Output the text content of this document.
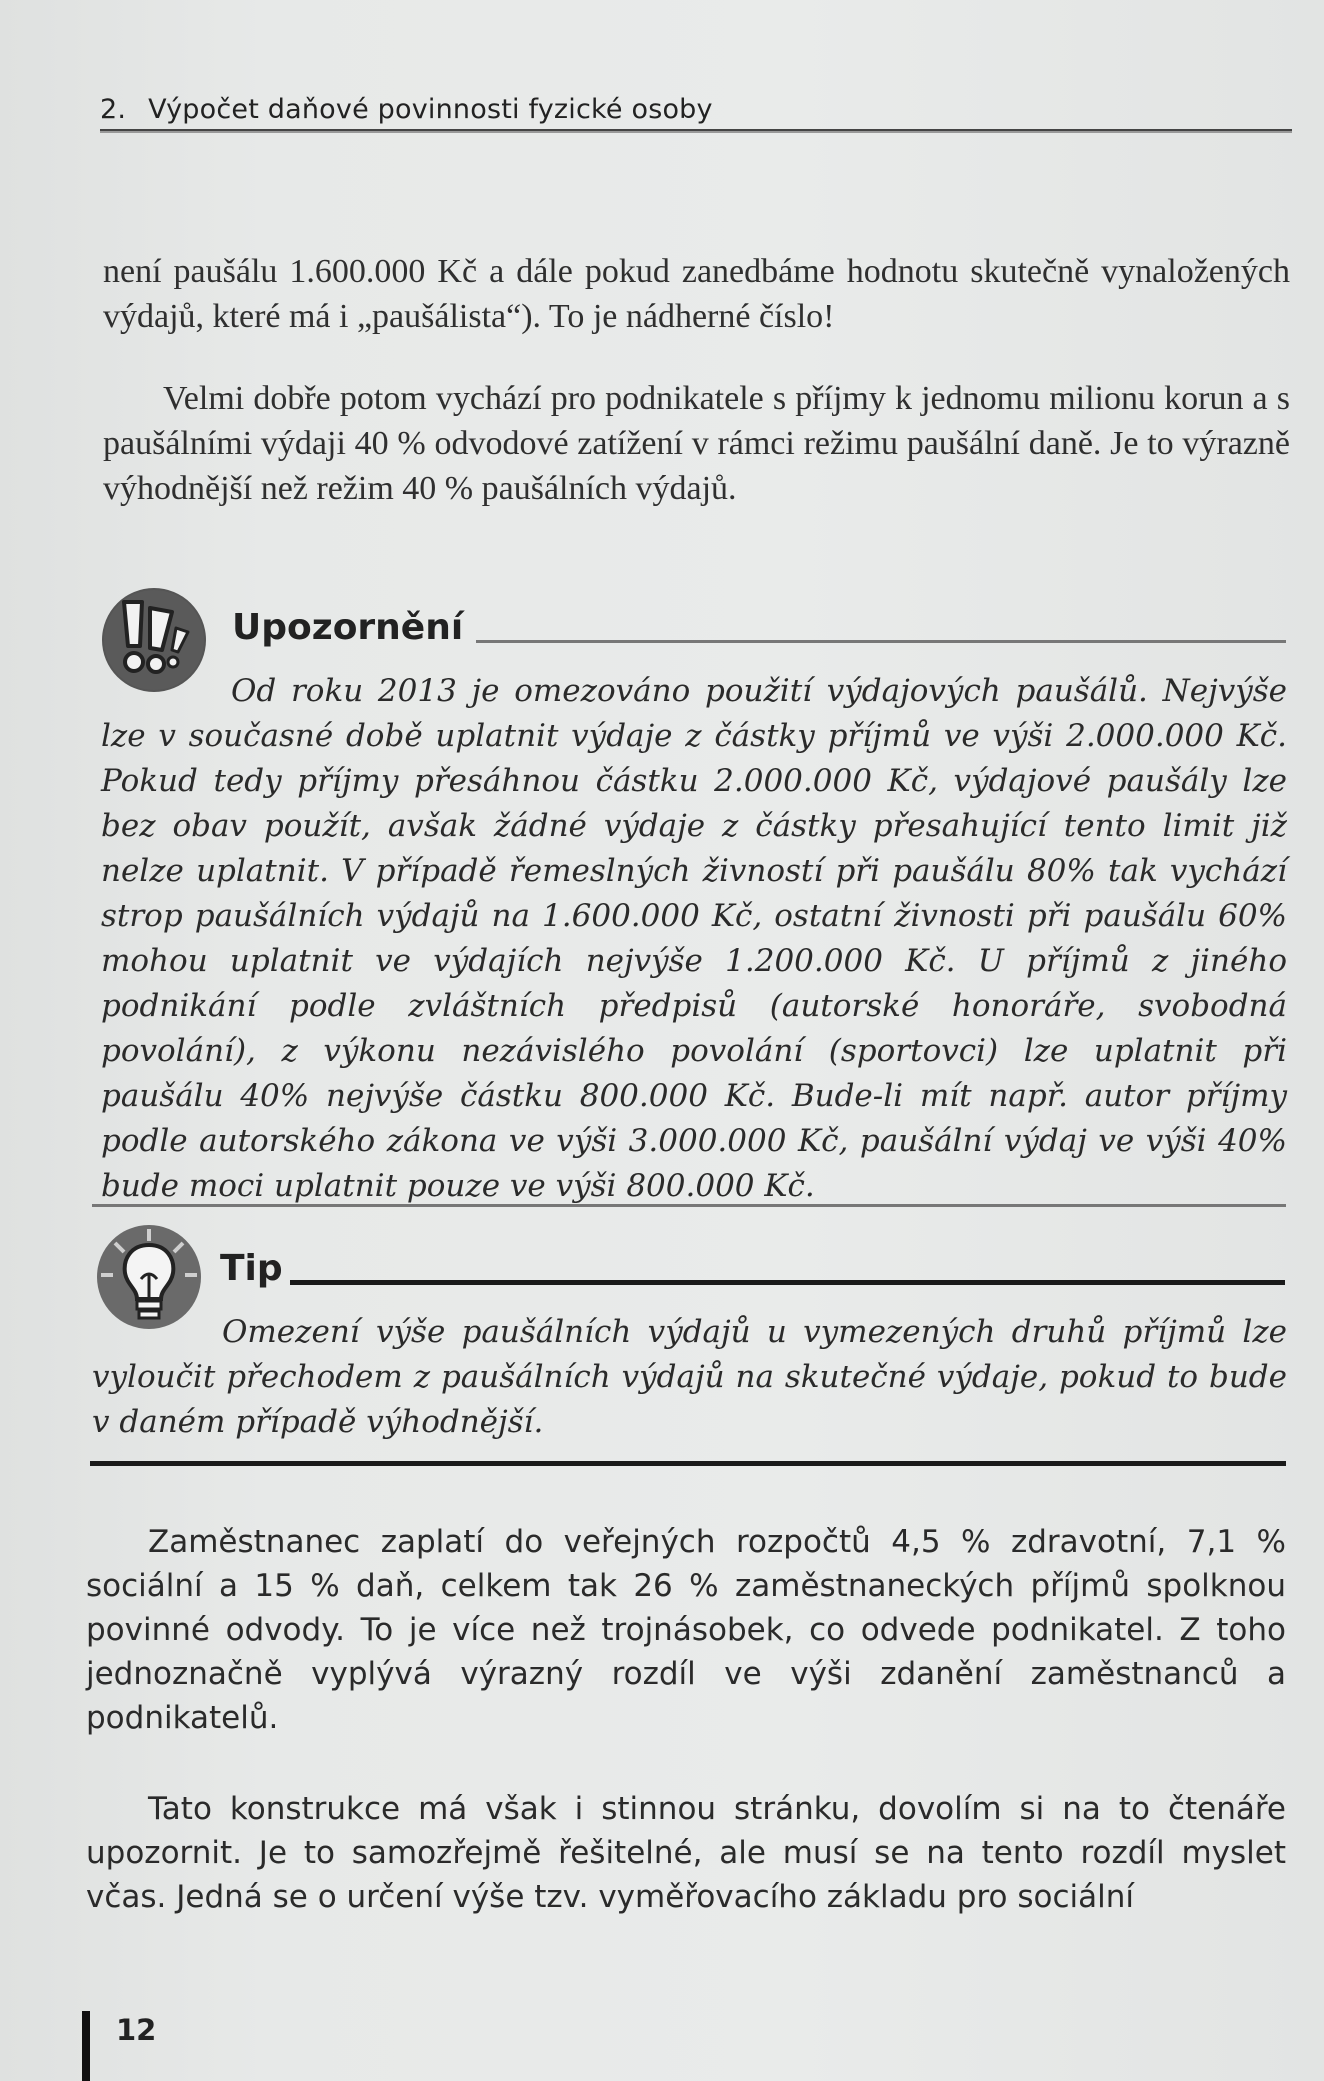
2. Výpočet daňové povinnosti fyzické osoby

není paušálu 1.600.000 Kč a dále pokud zanedbáme hodnotu skutečně vynaložených výdajů, které má i „paušálista“). To je nádherné číslo!

Velmi dobře potom vychází pro podnikatele s příjmy k jednomu milionu korun a s paušálními výdaji 40 % odvodové zatížení v rámci režimu paušální daně. Je to výrazně výhodnější než režim 40 % paušálních výdajů.

Upozornění

Od roku 2013 je omezováno použití výdajových paušálů. Nejvýše lze v současné době uplatnit výdaje z částky příjmů ve výši 2.000.000 Kč. Pokud tedy příjmy přesáhnou částku 2.000.000 Kč, výdajové paušály lze bez obav použít, avšak žádné výdaje z částky přesahující tento limit již nelze uplatnit. V případě řemeslných živností při paušálu 80% tak vychází strop paušálních výdajů na 1.600.000 Kč, ostatní živnosti při paušálu 60% mohou uplatnit ve výdajích nejvýše 1.200.000 Kč. U příjmů z jiného podnikání podle zvláštních předpisů (autorské honoráře, svobodná povolání), z výkonu nezávislého povolání (sportovci) lze uplatnit při paušálu 40% nejvýše částku 800.000 Kč. Bude-li mít např. autor příjmy podle autorského zákona ve výši 3.000.000 Kč, paušální výdaj ve výši 40% bude moci uplatnit pouze ve výši 800.000 Kč.

Tip

Omezení výše paušálních výdajů u vymezených druhů příjmů lze vyloučit přechodem z paušálních výdajů na skutečné výdaje, pokud to bude v daném případě výhodnější.

Zaměstnanec zaplatí do veřejných rozpočtů 4,5 % zdravotní, 7,1 % sociální a 15 % daň, celkem tak 26 % zaměstnaneckých příjmů spolknou povinné odvody. To je více než trojnásobek, co odvede podnikatel. Z toho jednoznačně vyplývá výrazný rozdíl ve výši zdanění zaměstnanců a podnikatelů.

Tato konstrukce má však i stinnou stránku, dovolím si na to čtenáře upozornit. Je to samozřejmě řešitelné, ale musí se na tento rozdíl myslet včas. Jedná se o určení výše tzv. vyměřovacího základu pro sociální

12
